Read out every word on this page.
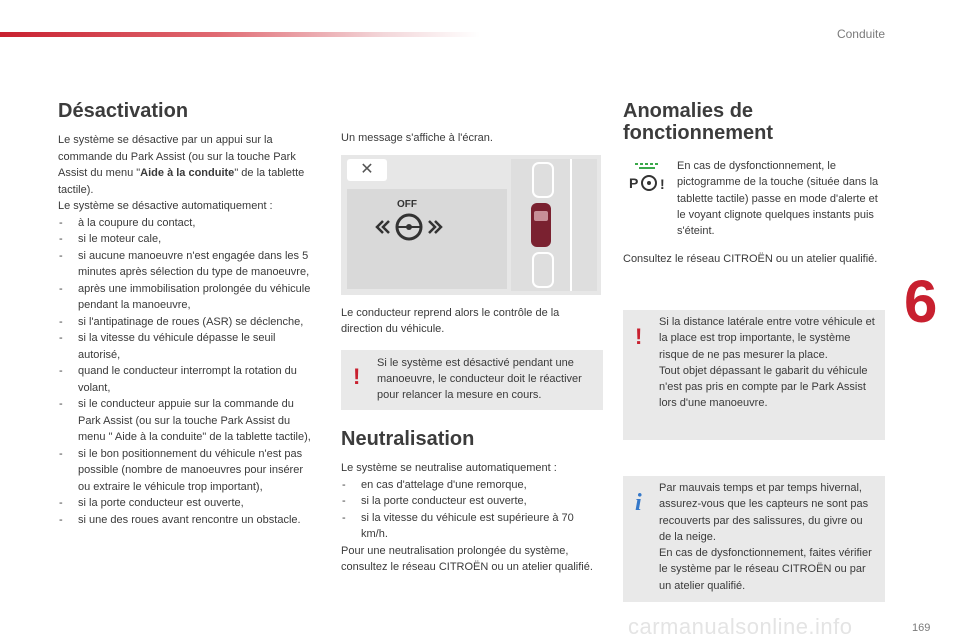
Conduite
6
carmanualsonline.info	169
Désactivation

Le système se désactive par un appui sur la commande du Park Assist (ou sur la touche Park Assist du menu "Aide à la conduite" de la tablette tactile).

Le système se désactive automatiquement :

- à la coupure du contact,
- si le moteur cale,
- si aucune manoeuvre n'est engagée dans les 5 minutes après sélection du type de manoeuvre,
- après une immobilisation prolongée du véhicule pendant la manoeuvre,
- si l'antipatinage de roues (ASR) se déclenche,
- si la vitesse du véhicule dépasse le seuil autorisé,
- quand le conducteur interrompt la rotation du volant,
- si le conducteur appuie sur la commande du Park Assist (ou sur la touche Park Assist du menu " Aide à la conduite" de la tablette tactile),
- si le bon positionnement du véhicule n'est pas possible (nombre de manoeuvres pour insérer ou extraire le véhicule trop important),
- si la porte conducteur est ouverte,
- si une des roues avant rencontre un obstacle.

Un message s'affiche à l'écran.

✕
OFF

Le conducteur reprend alors le contrôle de la direction du véhicule.

!

Si le système est désactivé pendant une manoeuvre, le conducteur doit le réactiver pour relancer la mesure en cours.

Neutralisation

Le système se neutralise automatiquement :

- en cas d'attelage d'une remorque,
- si la porte conducteur est ouverte,
- si la vitesse du véhicule est supérieure à 70 km/h.

Pour une neutralisation prolongée du système, consultez le réseau CITROËN ou un atelier qualifié.

Anomalies de fonctionnement
P !

En cas de dysfonctionnement, le pictogramme de la touche (située dans la tablette tactile) passe en mode d'alerte et le voyant clignote quelques instants puis s'éteint.

Consultez le réseau CITROËN ou un atelier qualifié.

!

Si la distance latérale entre votre véhicule et la place est trop importante, le système risque de ne pas mesurer la place.
Tout objet dépassant le gabarit du véhicule n'est pas pris en compte par le Park Assist lors d'une manoeuvre.

i

Par mauvais temps et par temps hivernal, assurez-vous que les capteurs ne sont pas recouverts par des salissures, du givre ou de la neige.
En cas de dysfonctionnement, faites vérifier le système par le réseau CITROËN ou par un atelier qualifié.
